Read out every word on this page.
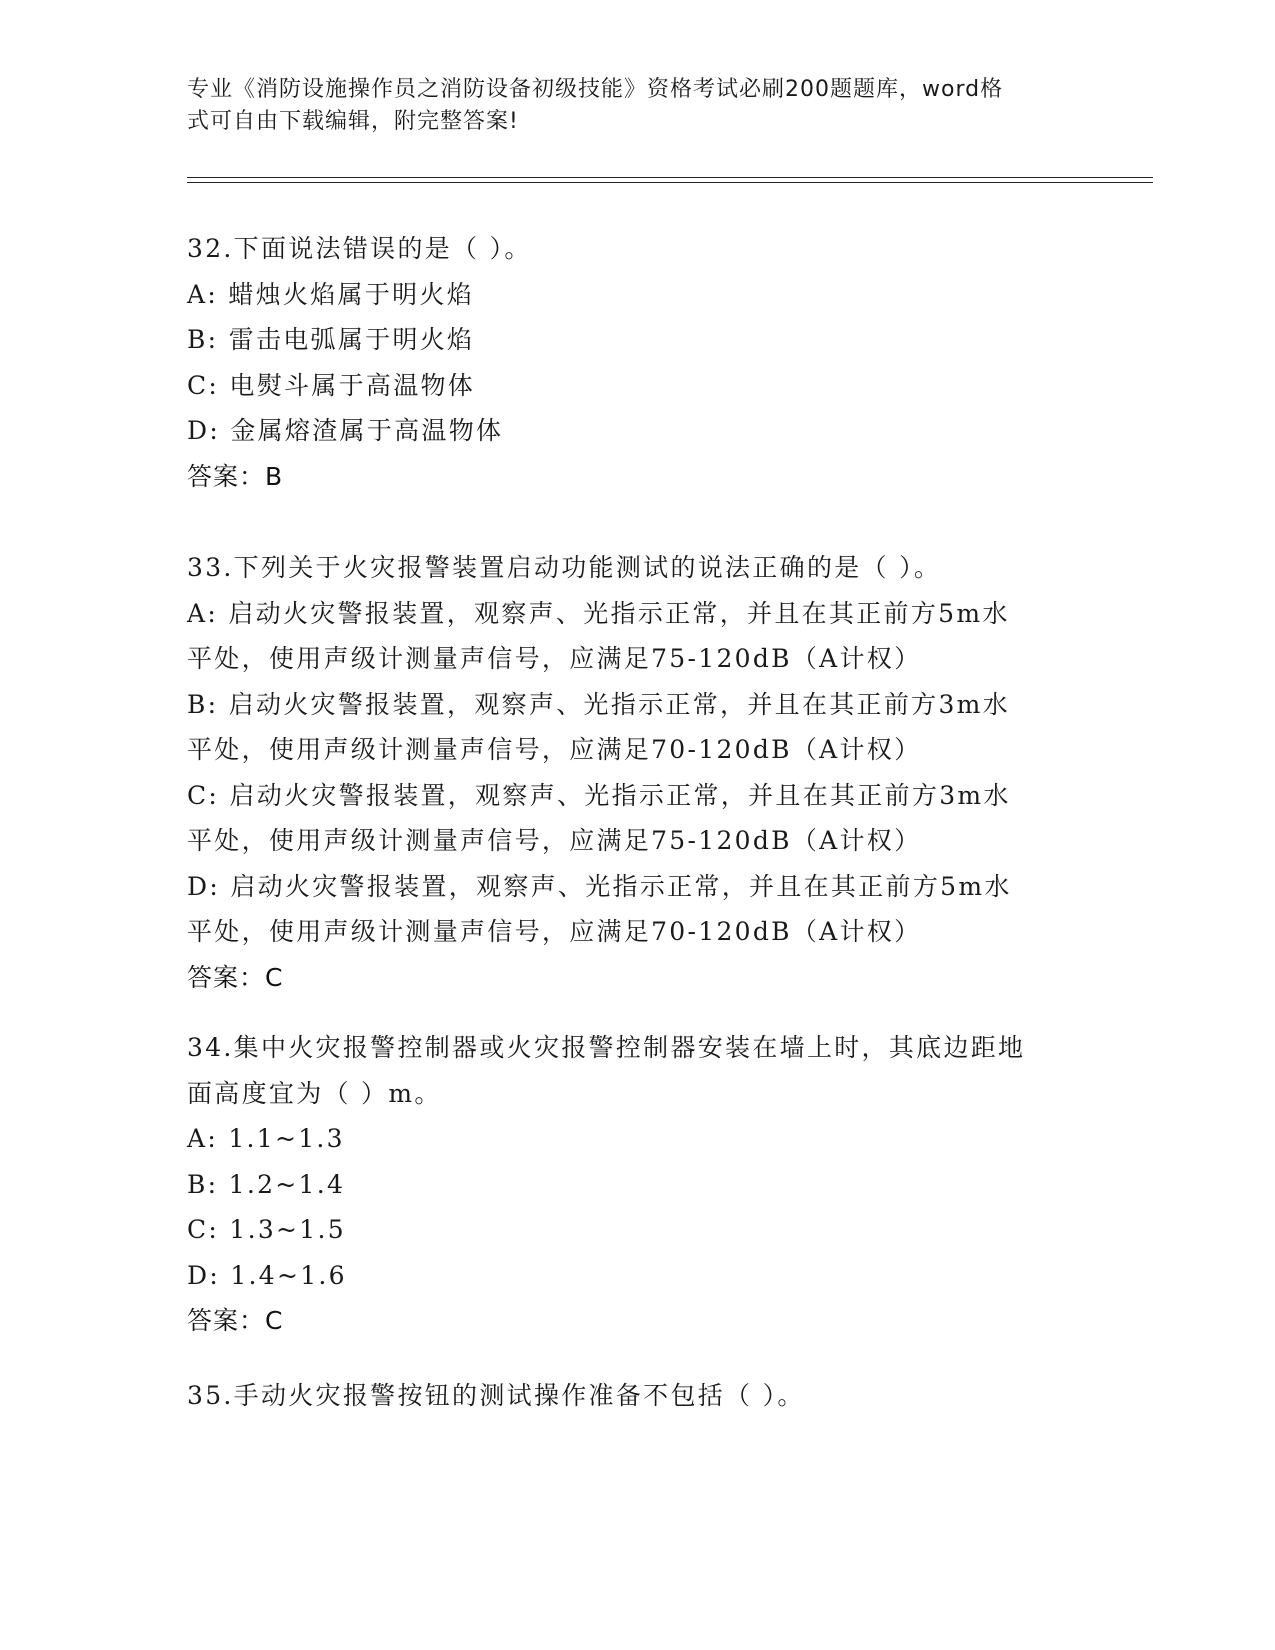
专业《消防设施操作员之消防设备初级技能》资格考试必刷200题题库，word格
式可自由下载编辑，附完整答案!
32.下面说法错误的是（ ）。
A: 蜡烛火焰属于明火焰
B: 雷击电弧属于明火焰
C: 电熨斗属于高温物体
D: 金属熔渣属于高温物体
答案：B
33.下列关于火灾报警装置启动功能测试的说法正确的是（ ）。
A: 启动火灾警报装置，观察声、光指示正常，并且在其正前方5m水
平处，使用声级计测量声信号，应满足75-120dB（A计权）
B: 启动火灾警报装置，观察声、光指示正常，并且在其正前方3m水
平处，使用声级计测量声信号，应满足70-120dB（A计权）
C: 启动火灾警报装置，观察声、光指示正常，并且在其正前方3m水
平处，使用声级计测量声信号，应满足75-120dB（A计权）
D: 启动火灾警报装置，观察声、光指示正常，并且在其正前方5m水
平处，使用声级计测量声信号，应满足70-120dB（A计权）
答案：C
34.集中火灾报警控制器或火灾报警控制器安装在墙上时，其底边距地
面高度宜为（ ）m。
A: 1.1~1.3
B: 1.2~1.4
C: 1.3~1.5
D: 1.4~1.6
答案：C
35.手动火灾报警按钮的测试操作准备不包括（ ）。
